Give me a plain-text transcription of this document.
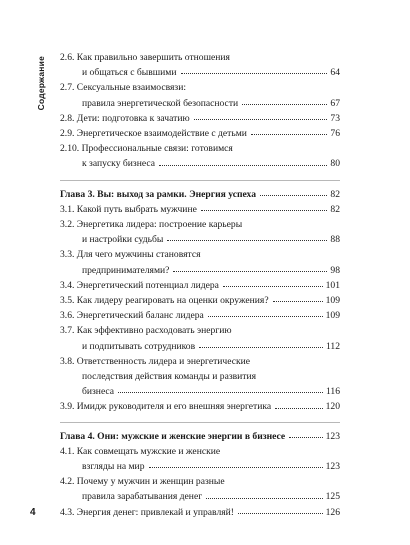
Содержание 2.6. Как правильно завершить отношения
и общаться с бывшими	64
2.7. Сексуальные взаимосвязи:
правила энергетической безопасности	67
2.8. Дети: подготовка к зачатию	73
2.9. Энергетическое взаимодействие с детьми	76
2.10. Профессиональные связи: готовимся
к запуску бизнеса	80
Глава 3. Вы: выход за рамки. Энергия успеха	82
3.1. Какой путь выбрать мужчине	82
3.2. Энергетика лидера: построение карьеры
и настройки судьбы	88
3.3. Для чего мужчины становятся
предпринимателями?	98
3.4. Энергетический потенциал лидера	101
3.5. Как лидеру реагировать на оценки окружения?	109
3.6. Энергетический баланс лидера	109
3.7. Как эффективно расходовать энергию
и подпитывать сотрудников	112
3.8. Ответственность лидера и энергетические
последствия действия команды и развития
бизнеса	116
3.9. Имидж руководителя и его внешняя энергетика	120
Глава 4. Они: мужские и женские энергии в бизнесе	123
4.1. Как совмещать мужские и женские
взгляды на мир	123
4.2. Почему у мужчин и женщин разные
правила зарабатывания денег	125
4.3. Энергия денег: привлекай и управляй!	126
4
